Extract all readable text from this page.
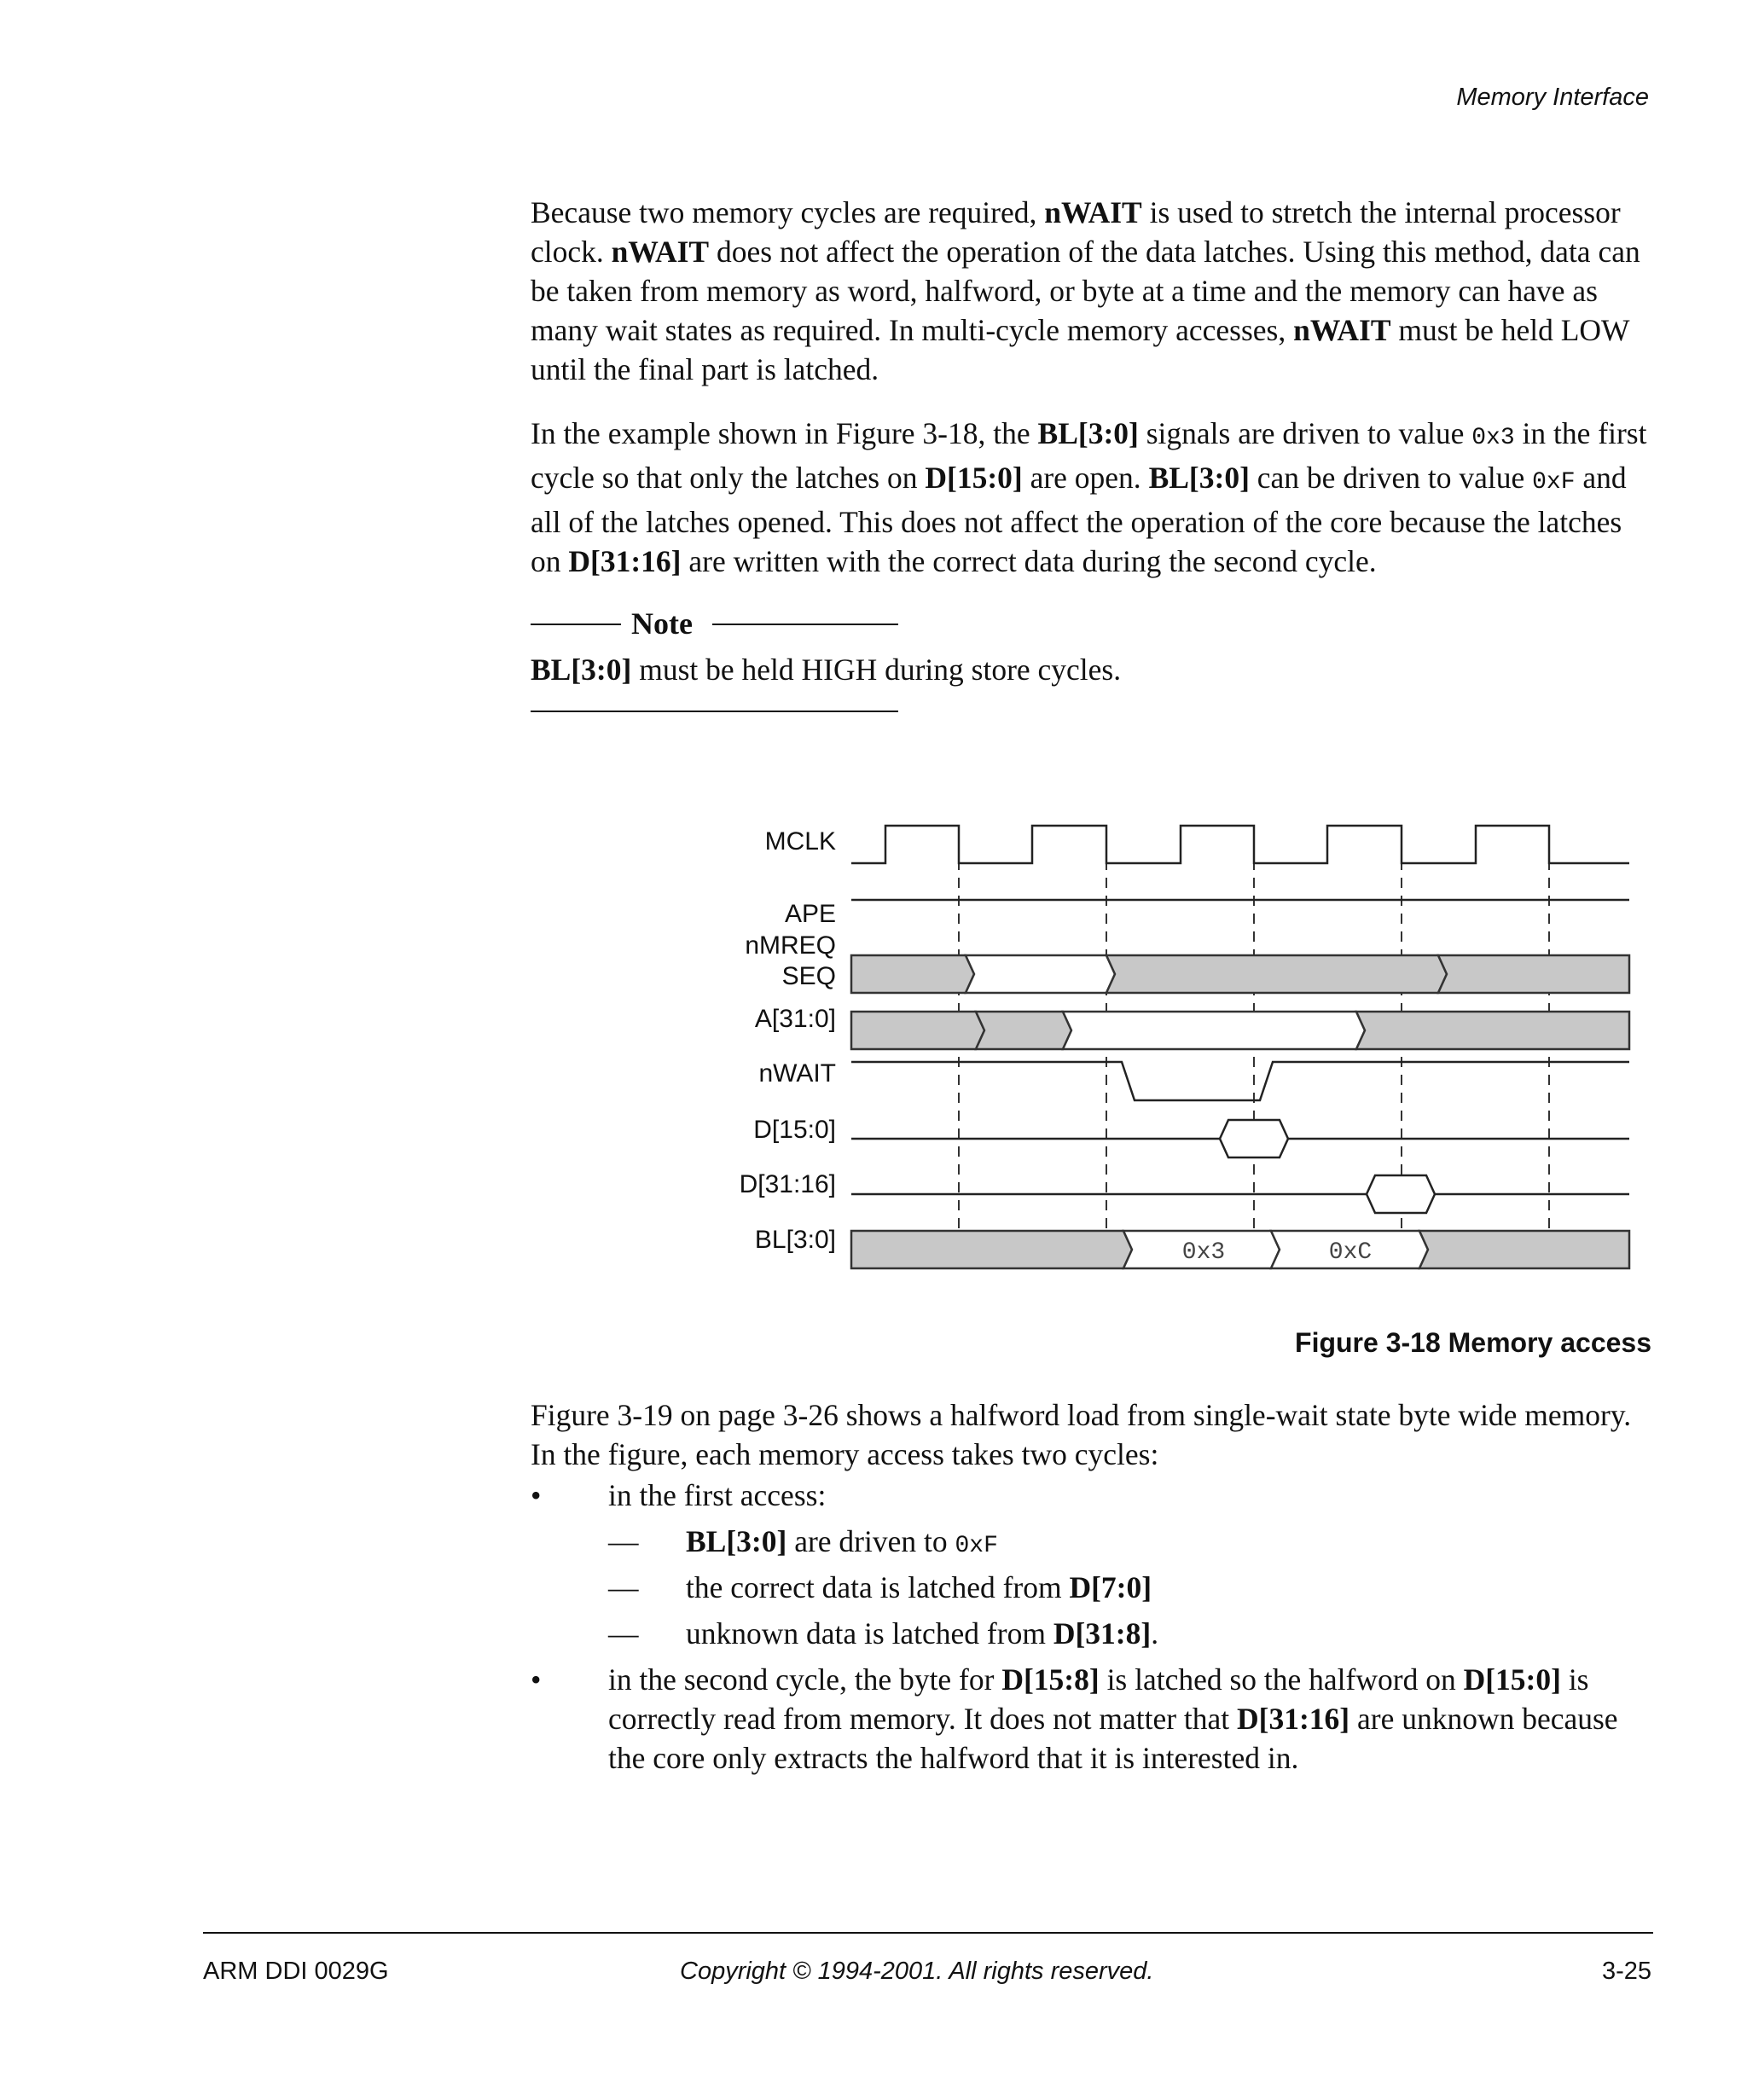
Memory Interface

Because two memory cycles are required, nWAIT is used to stretch the internal processor clock. nWAIT does not affect the operation of the data latches. Using this method, data can be taken from memory as word, halfword, or byte at a time and the memory can have as many wait states as required. In multi-cycle memory accesses, nWAIT must be held LOW until the final part is latched.

In the example shown in Figure 3-18, the BL[3:0] signals are driven to value 0x3 in the first cycle so that only the latches on D[15:0] are open. BL[3:0] can be driven to value 0xF and all of the latches opened. This does not affect the operation of the core because the latches on D[31:16] are written with the correct data during the second cycle.

Note

BL[3:0] must be held HIGH during store cycles.

MCLK
APE
nMREQ
SEQ
A[31:0]
nWAIT
D[15:0]
D[31:16]
BL[3:0]	0x3	0xC
Figure 3-18 Memory access

Figure 3-19 on page 3-26 shows a halfword load from single-wait state byte wide memory. In the figure, each memory access takes two cycles:

• in the first access:
— BL[3:0] are driven to 0xF
— the correct data is latched from D[7:0]
— unknown data is latched from D[31:8].
• in the second cycle, the byte for D[15:8] is latched so the halfword on D[15:0] is correctly read from memory. It does not matter that D[31:16] are unknown because the core only extracts the halfword that it is interested in.
ARM DDI 0029G	Copyright © 1994-2001. All rights reserved.	3-25
